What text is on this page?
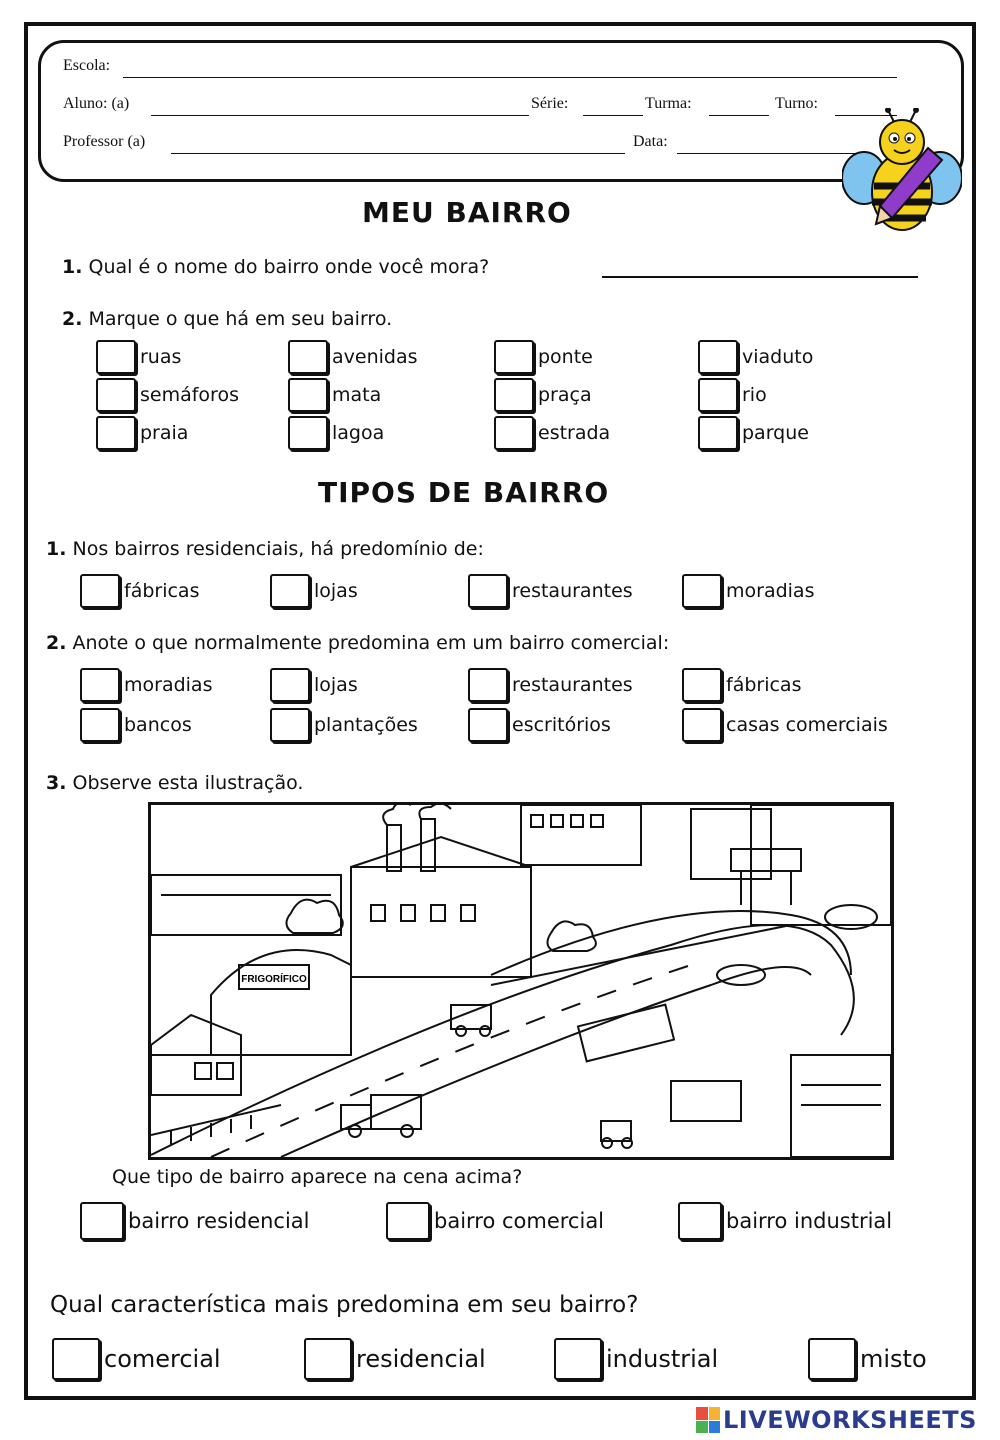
Escola:
Aluno: (a)	Série:	Turma:	Turno:
Professor (a)	Data:
MEU BAIRRO
1. Qual é o nome do bairro onde você mora?
2. Marque o que há em seu bairro.
ruas	avenidas	ponte	viaduto
semáforos	mata	praça	rio
praia	lagoa	estrada	parque
TIPOS DE BAIRRO
1. Nos bairros residenciais, há predomínio de:
fábricas	lojas	restaurantes	moradias
2. Anote o que normalmente predomina em um bairro comercial:
moradias	lojas	restaurantes	fábricas
bancos	plantações	escritórios	casas comerciais
3. Observe esta ilustração.
FRIGORÍFICO
Que tipo de bairro aparece na cena acima?
bairro residencial	bairro comercial	bairro industrial
Qual característica mais predomina em seu bairro?
comercial	residencial	industrial	misto
LIVEWORKSHEETS
